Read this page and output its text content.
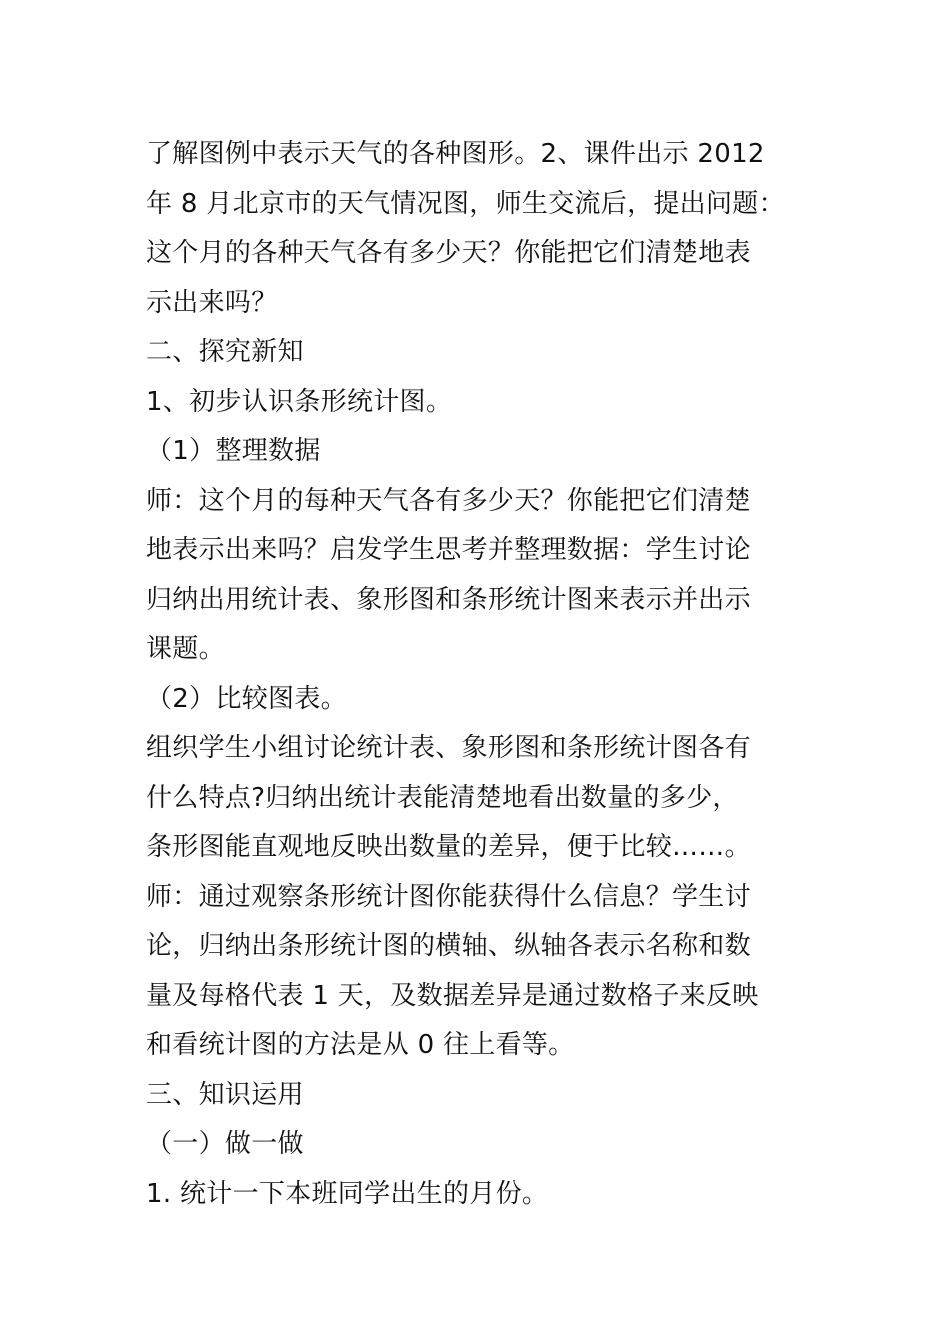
了解图例中表示天气的各种图形。2、课件出示 2012
年 8 月北京市的天气情况图，师生交流后，提出问题：
这个月的各种天气各有多少天？你能把它们清楚地表
示出来吗？
二、探究新知
1、初步认识条形统计图。
（1）整理数据
师：这个月的每种天气各有多少天？你能把它们清楚
地表示出来吗？启发学生思考并整理数据：学生讨论
归纳出用统计表、象形图和条形统计图来表示并出示
课题。
（2）比较图表。
组织学生小组讨论统计表、象形图和条形统计图各有
什么特点?归纳出统计表能清楚地看出数量的多少，
条形图能直观地反映出数量的差异，便于比较……。
师：通过观察条形统计图你能获得什么信息？学生讨
论，归纳出条形统计图的横轴、纵轴各表示名称和数
量及每格代表 1 天，及数据差异是通过数格子来反映
和看统计图的方法是从 0 往上看等。
三、知识运用
（一）做一做
1. 统计一下本班同学出生的月份。
